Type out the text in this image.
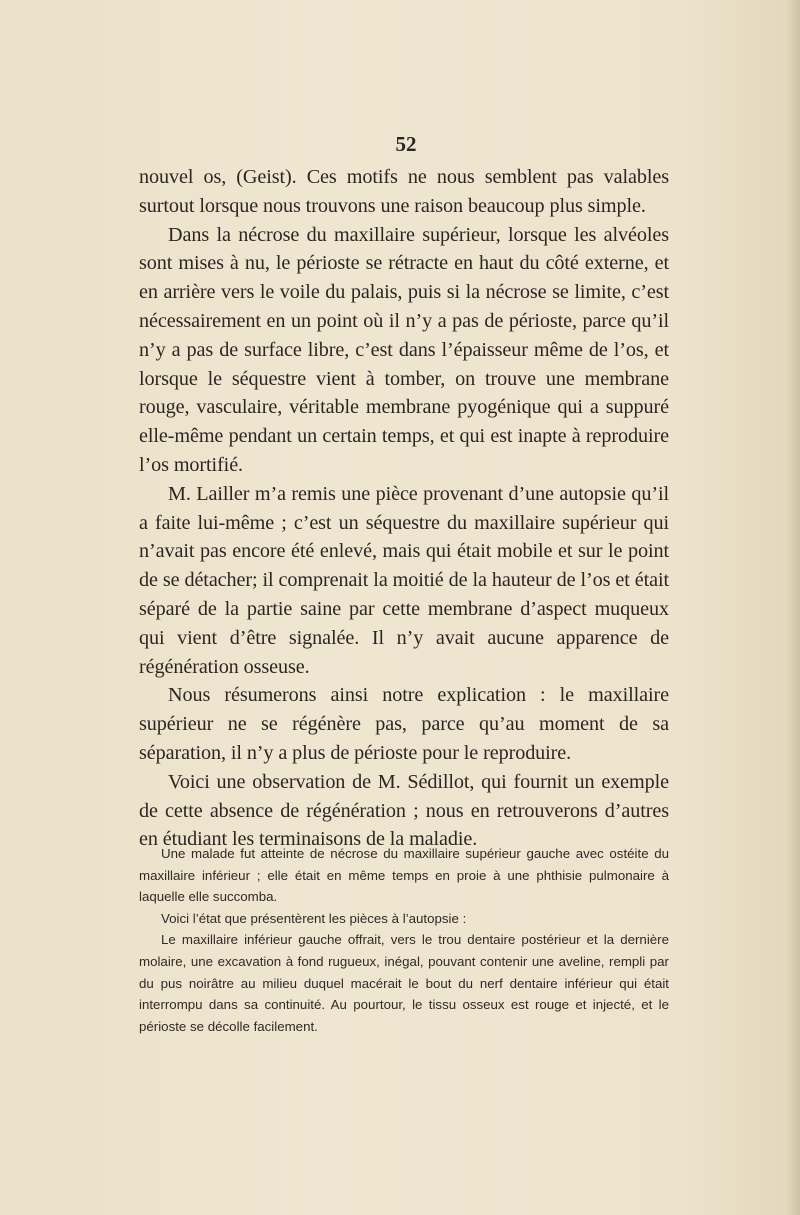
52

nouvel os, (Geist). Ces motifs ne nous semblent pas valables surtout lorsque nous trouvons une raison beaucoup plus simple.

Dans la nécrose du maxillaire supérieur, lorsque les alvéoles sont mises à nu, le périoste se rétracte en haut du côté externe, et en arrière vers le voile du palais, puis si la nécrose se limite, c’est nécessairement en un point où il n’y a pas de périoste, parce qu’il n’y a pas de surface libre, c’est dans l’épaisseur même de l’os, et lorsque le séquestre vient à tomber, on trouve une membrane rouge, vasculaire, véritable membrane pyogénique qui a suppuré elle-même pendant un certain temps, et qui est inapte à reproduire l’os mortifié.

M. Lailler m’a remis une pièce provenant d’une autopsie qu’il a faite lui-même ; c’est un séquestre du maxillaire supérieur qui n’avait pas encore été enlevé, mais qui était mobile et sur le point de se détacher; il comprenait la moitié de la hauteur de l’os et était séparé de la partie saine par cette membrane d’aspect muqueux qui vient d’être signalée. Il n’y avait aucune apparence de régénération osseuse.

Nous résumerons ainsi notre explication : le maxillaire supérieur ne se régénère pas, parce qu’au moment de sa séparation, il n’y a plus de périoste pour le reproduire.

Voici une observation de M. Sédillot, qui fournit un exemple de cette absence de régénération ; nous en retrouverons d’autres en étudiant les terminaisons de la maladie.

Une malade fut atteinte de nécrose du maxillaire supérieur gauche avec ostéite du maxillaire inférieur ; elle était en même temps en proie à une phthisie pulmonaire à laquelle elle succomba.

Voici l’état que présentèrent les pièces à l’autopsie :

Le maxillaire inférieur gauche offrait, vers le trou dentaire postérieur et la dernière molaire, une excavation à fond rugueux, inégal, pouvant contenir une aveline, rempli par du pus noirâtre au milieu duquel macérait le bout du nerf dentaire inférieur qui était interrompu dans sa continuité. Au pourtour, le tissu osseux est rouge et injecté, et le périoste se décolle facilement.
